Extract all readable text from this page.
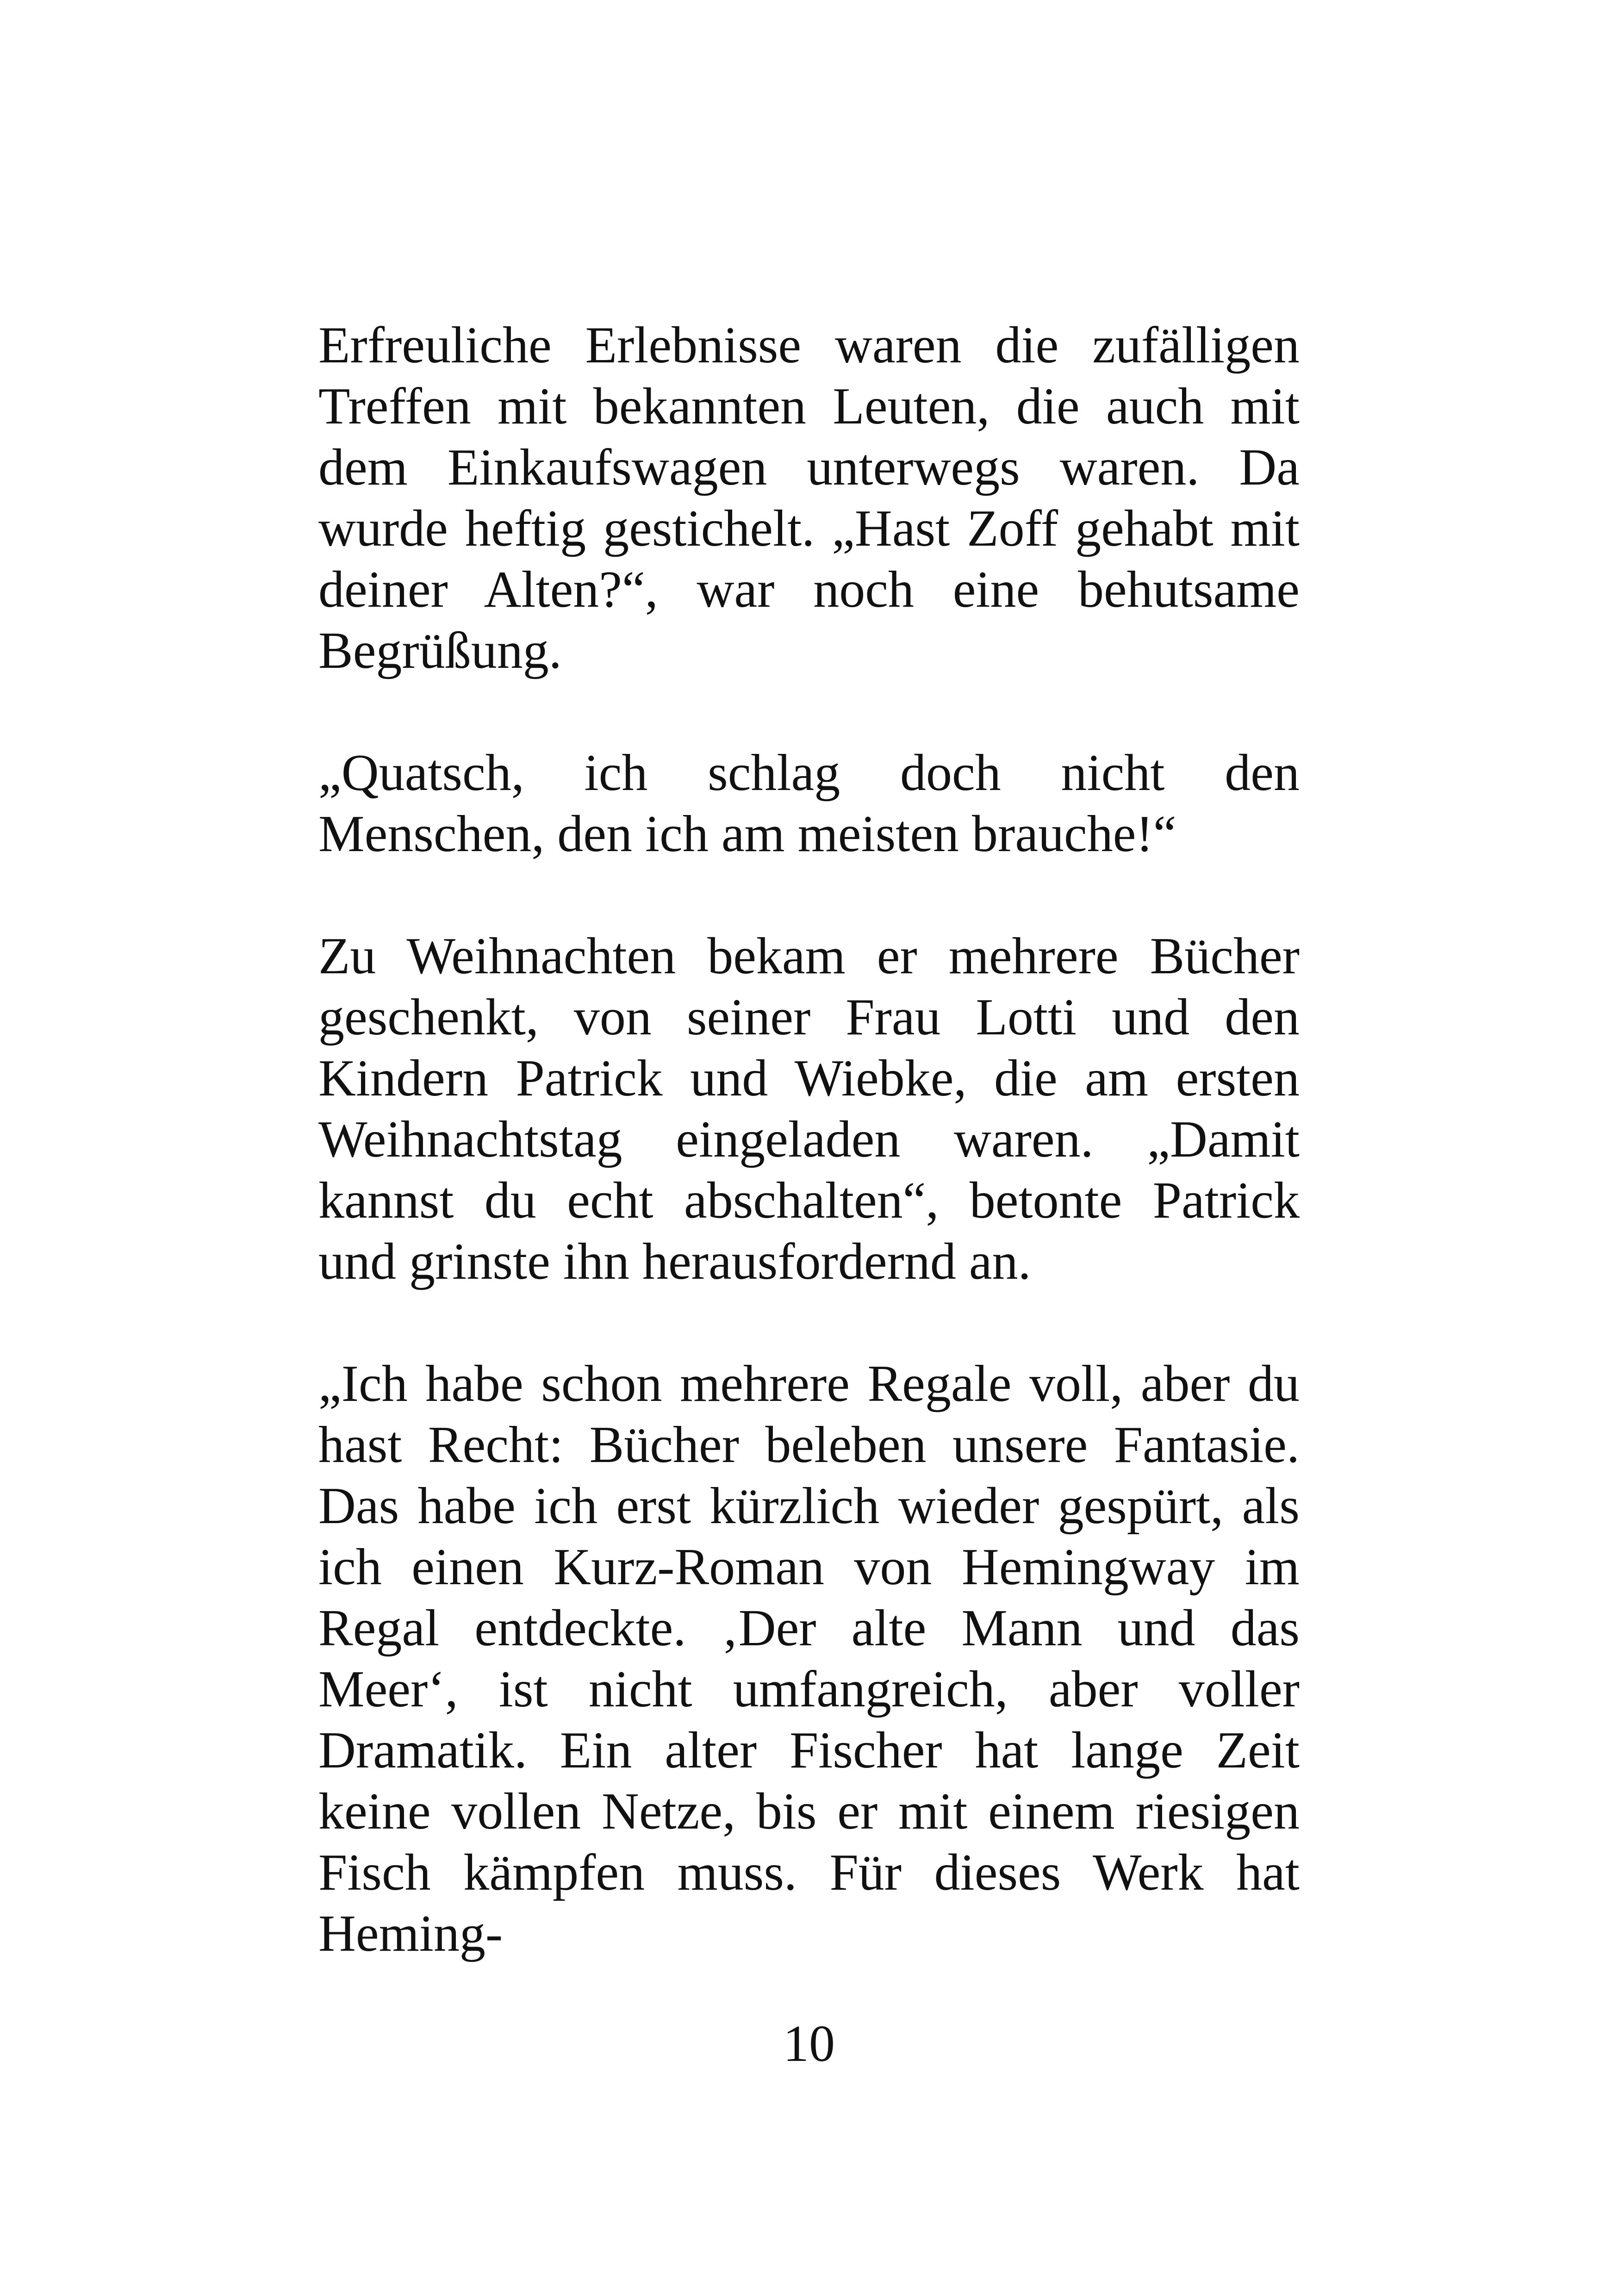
Erfreuliche Erlebnisse waren die zufälligen Treffen mit bekannten Leuten, die auch mit dem Einkaufswagen unterwegs waren. Da wurde heftig gestichelt. „Hast Zoff gehabt mit deiner Alten?“, war noch eine behutsame Begrüßung.

„Quatsch, ich schlag doch nicht den Menschen, den ich am meisten brauche!“

Zu Weihnachten bekam er mehrere Bücher geschenkt, von seiner Frau Lotti und den Kindern Patrick und Wiebke, die am ersten Weihnachtstag eingeladen waren. „Damit kannst du echt abschalten“, betonte Patrick und grinste ihn herausfordernd an.

„Ich habe schon mehrere Regale voll, aber du hast Recht: Bücher beleben unsere Fantasie. Das habe ich erst kürzlich wieder gespürt, als ich einen Kurz-Roman von Hemingway im Regal entdeckte. ‚Der alte Mann und das Meer‘, ist nicht umfangreich, aber voller Dramatik. Ein alter Fischer hat lange Zeit keine vollen Netze, bis er mit einem riesigen Fisch kämpfen muss. Für dieses Werk hat Heming-

10
